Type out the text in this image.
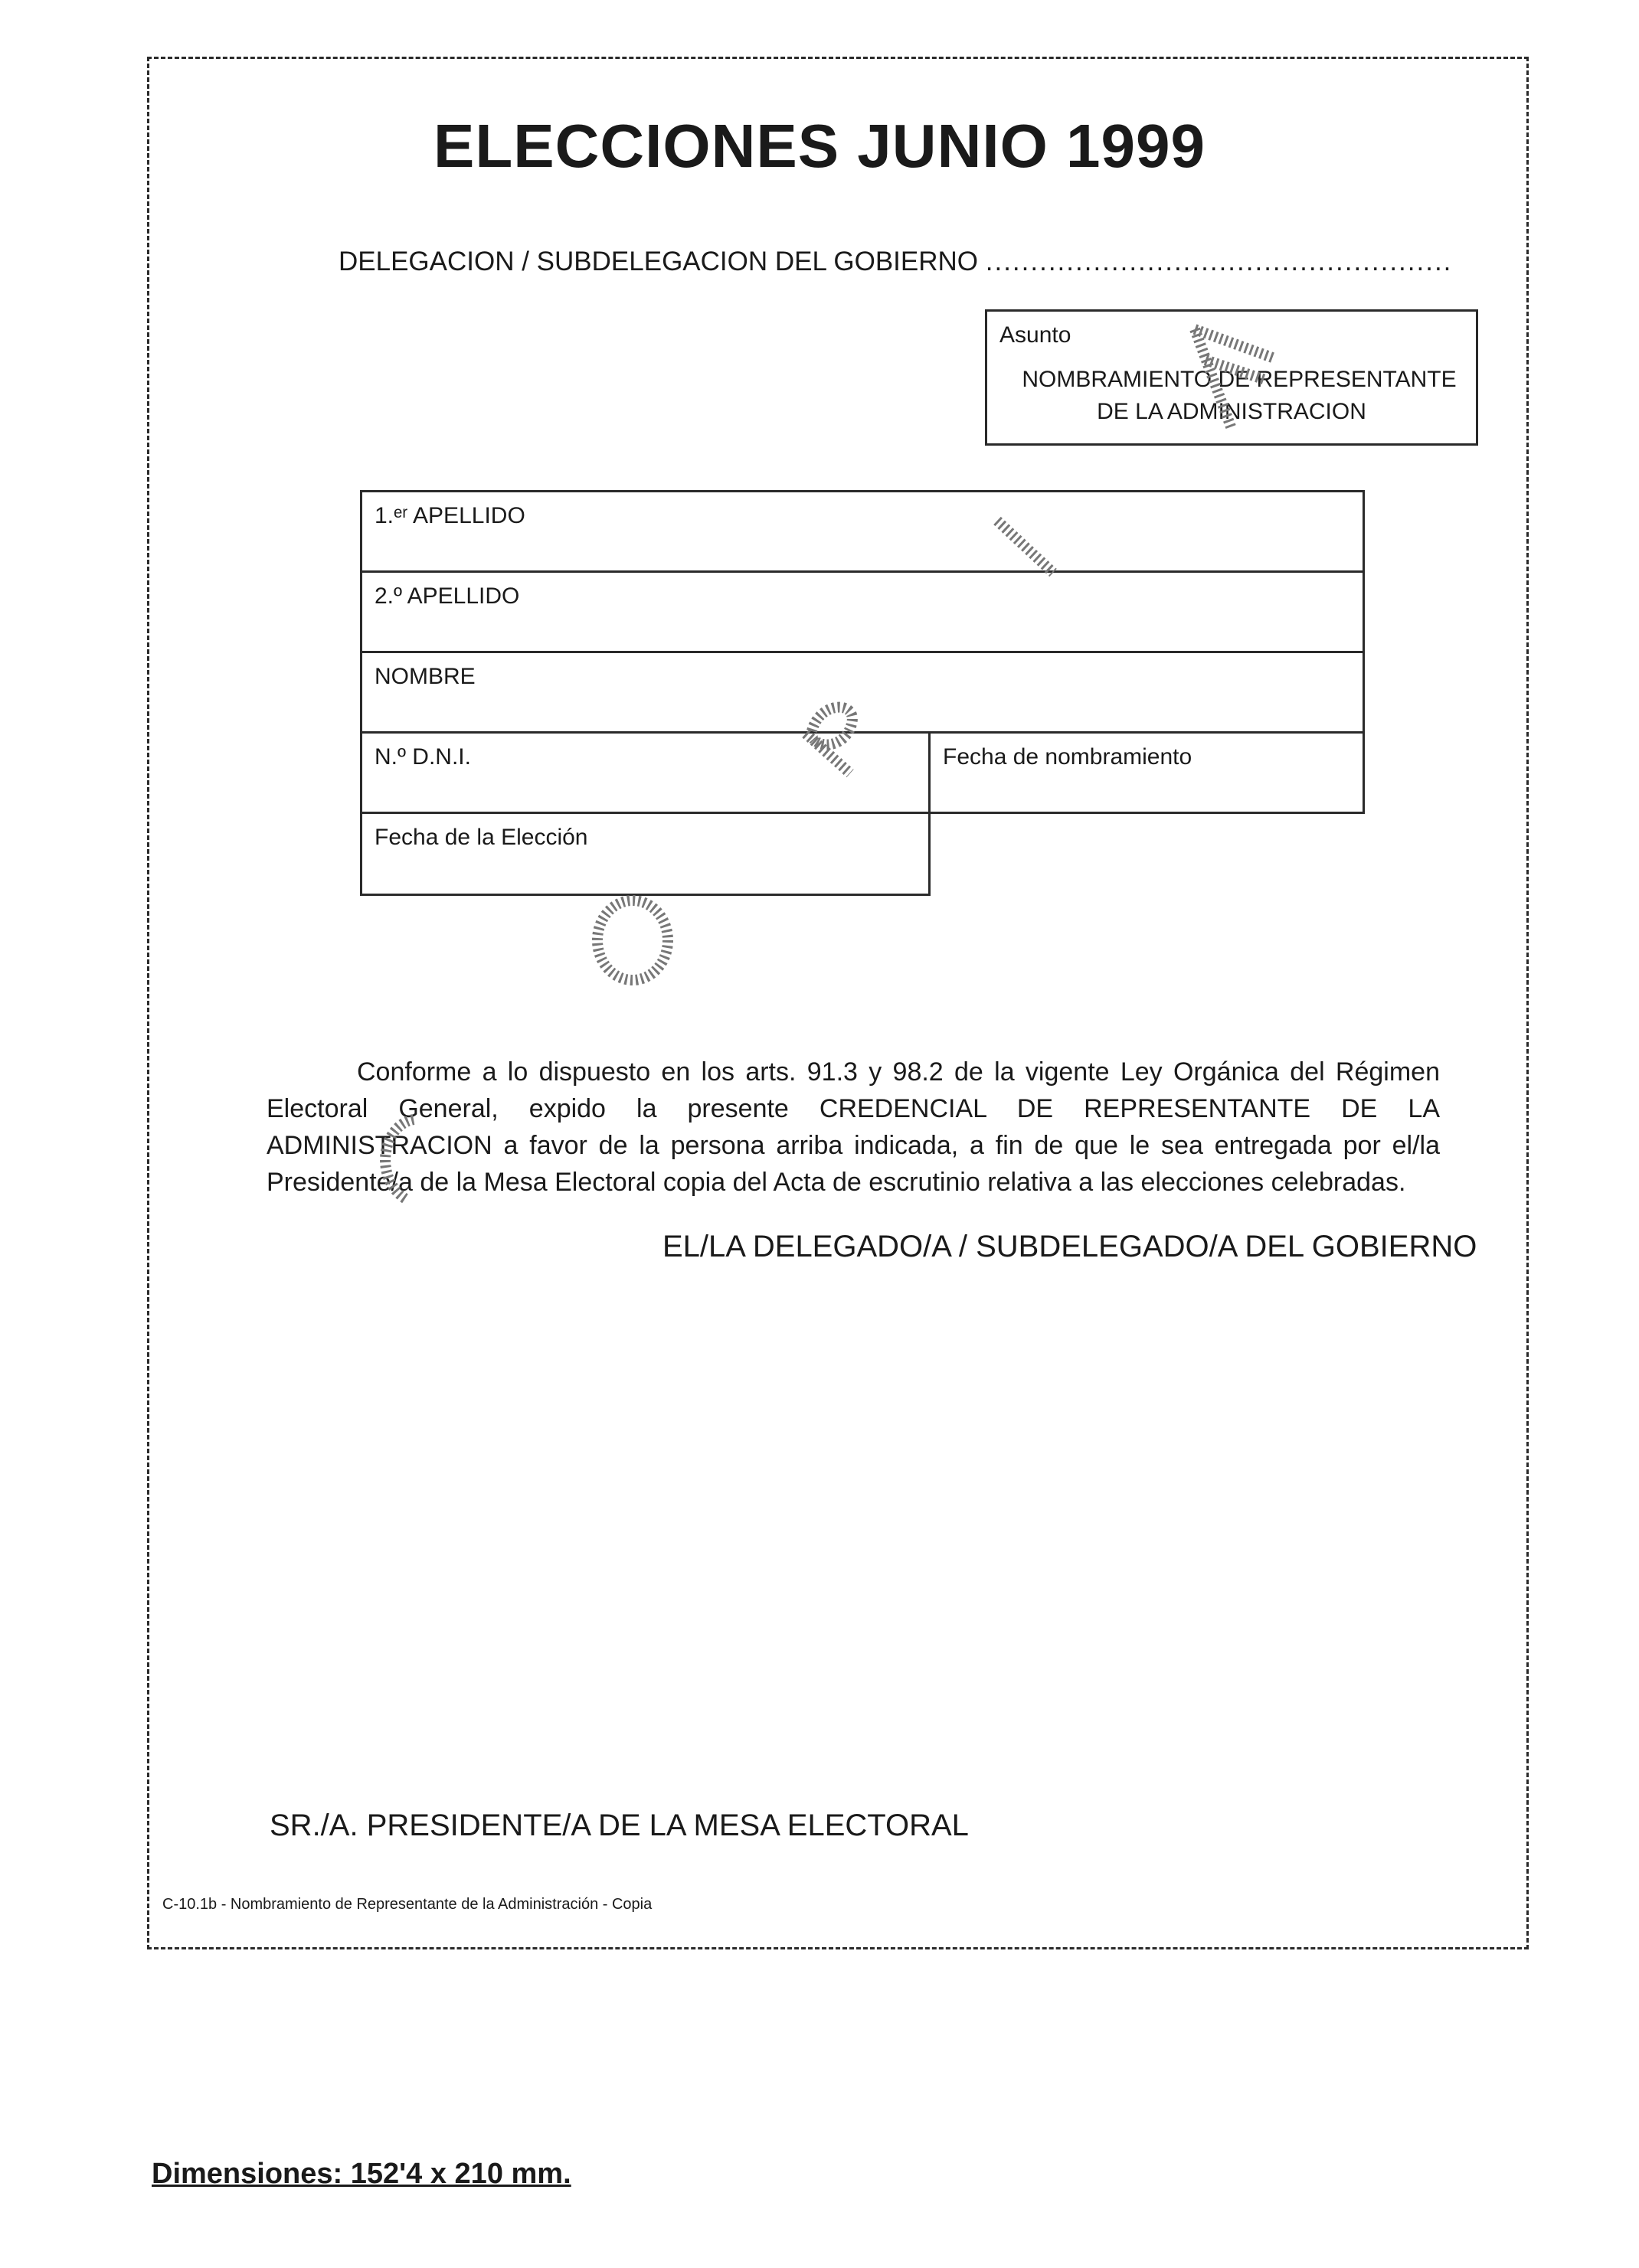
ELECCIONES JUNIO 1999
DELEGACION / SUBDELEGACION DEL GOBIERNO ....................................................
Asunto
NOMBRAMIENTO DE REPRESENTANTE
DE LA ADMINISTRACION
1.ᵉʳ APELLIDO
2.º APELLIDO
NOMBRE
N.º D.N.I.	Fecha de nombramiento
Fecha de la Elección
Conforme a lo dispuesto en los arts. 91.3 y 98.2 de la vigente Ley Orgánica del Régimen Electoral General, expido la presente CREDENCIAL DE REPRESENTANTE DE LA ADMINISTRACION a favor de la persona arriba indicada, a fin de que le sea entregada por el/la Presidente/a de la Mesa Electoral copia del Acta de escrutinio relativa a las elecciones celebradas.
EL/LA DELEGADO/A / SUBDELEGADO/A DEL GOBIERNO
SR./A. PRESIDENTE/A DE LA MESA ELECTORAL
C-10.1b - Nombramiento de Representante de la Administración - Copia
Dimensiones: 152'4 x 210 mm.
